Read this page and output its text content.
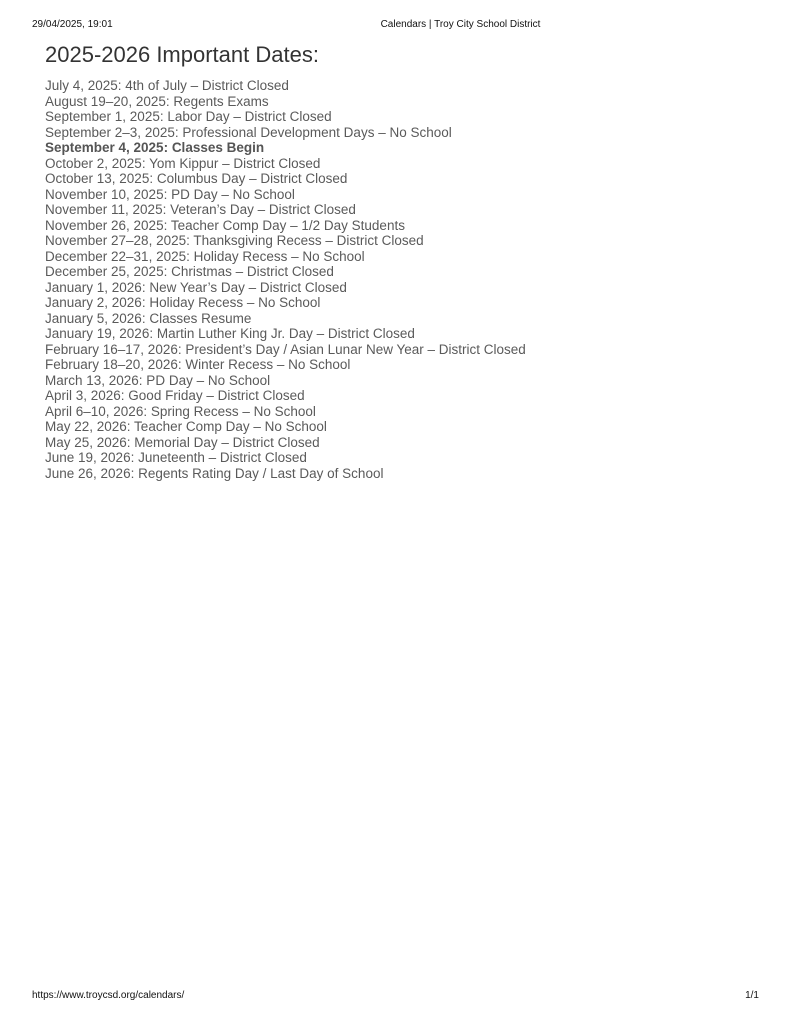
29/04/2025, 19:01	Calendars | Troy City School District
2025-2026 Important Dates:
July 4, 2025: 4th of July – District Closed
August 19–20, 2025: Regents Exams
September 1, 2025: Labor Day – District Closed
September 2–3, 2025: Professional Development Days – No School
September 4, 2025: Classes Begin
October 2, 2025: Yom Kippur – District Closed
October 13, 2025: Columbus Day – District Closed
November 10, 2025: PD Day – No School
November 11, 2025: Veteran’s Day – District Closed
November 26, 2025: Teacher Comp Day – 1/2 Day Students
November 27–28, 2025: Thanksgiving Recess – District Closed
December 22–31, 2025: Holiday Recess – No School
December 25, 2025: Christmas – District Closed
January 1, 2026: New Year’s Day – District Closed
January 2, 2026: Holiday Recess – No School
January 5, 2026: Classes Resume
January 19, 2026: Martin Luther King Jr. Day – District Closed
February 16–17, 2026: President’s Day / Asian Lunar New Year – District Closed
February 18–20, 2026: Winter Recess – No School
March 13, 2026: PD Day – No School
April 3, 2026: Good Friday – District Closed
April 6–10, 2026: Spring Recess – No School
May 22, 2026: Teacher Comp Day – No School
May 25, 2026: Memorial Day – District Closed
June 19, 2026: Juneteenth – District Closed
June 26, 2026: Regents Rating Day / Last Day of School
https://www.troycsd.org/calendars/	1/1
